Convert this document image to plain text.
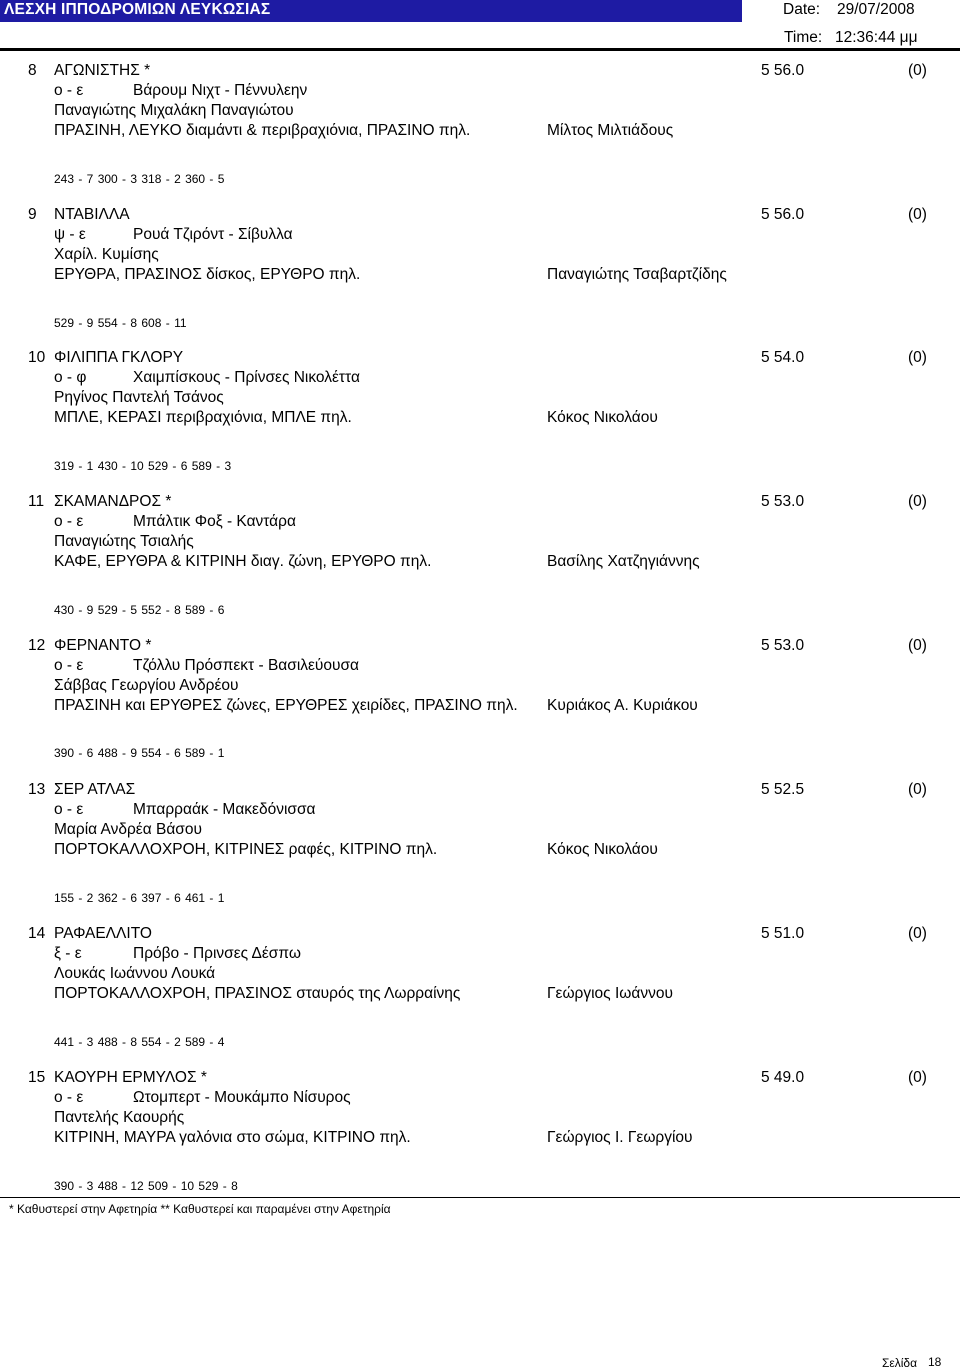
ΛΕΣΧΗ ΙΠΠΟΔΡΟΜΙΩΝ ΛΕΥΚΩΣΙΑΣ	Date: 29/07/2008
Time: 12:36:44 μμ
8 ΑΓΩΝΙΣΤΗΣ *
ο - ε	Βάρουμ Νιχτ - Πέννυλεην
Παναγιώτης Μιχαλάκη Παναγιώτου
ΠΡΑΣΙΝΗ, ΛΕΥΚΟ διαμάντι & περιβραχιόνια, ΠΡΑΣΙΝΟ πηλ.	Μίλτος Μιλτιάδους
5 56.0	(0)
243 - 7 300 - 3 318 - 2 360 - 5
9 ΝΤΑΒΙΛΛΑ
ψ - ε	Ρουά Τζιρόντ - Σίβυλλα
Χαρίλ. Κυμίσης
ΕΡΥΘΡΑ, ΠΡΑΣΙΝΟΣ δίσκος, ΕΡΥΘΡΟ πηλ.	Παναγιώτης Τσαβαρτζίδης
5 56.0	(0)
529 - 9 554 - 8 608 - 11
10 ΦΙΛΙΠΠΑ ΓΚΛΟΡΥ
ο - φ	Χαιμπίσκους - Πρίνσες Νικολέττα
Ρηγίνος Παντελή Τσάνος
ΜΠΛΕ, ΚΕΡΑΣΙ περιβραχιόνια, ΜΠΛΕ πηλ.	Κόκος Νικολάου
5 54.0	(0)
319 - 1 430 - 10 529 - 6 589 - 3
11 ΣΚΑΜΑΝΔΡΟΣ *
ο - ε	Μπάλτικ Φοξ - Καντάρα
Παναγιώτης Τσιαλής
ΚΑΦΕ, ΕΡΥΘΡΑ & ΚΙΤΡΙΝΗ διαγ. ζώνη, ΕΡΥΘΡΟ πηλ.	Βασίλης Χατζηγιάννης
5 53.0	(0)
430 - 9 529 - 5 552 - 8 589 - 6
12 ΦΕΡΝΑΝΤΟ *
ο - ε	Τζόλλυ Πρόσπεκτ - Βασιλεύουσα
Σάββας Γεωργίου Ανδρέου
ΠΡΑΣΙΝΗ και ΕΡΥΘΡΕΣ ζώνες, ΕΡΥΘΡΕΣ χειρίδες, ΠΡΑΣΙΝΟ πηλ.	Κυριάκος Α. Κυριάκου
5 53.0	(0)
390 - 6 488 - 9 554 - 6 589 - 1
13 ΣΕΡ ΑΤΛΑΣ
ο - ε	Μπαρραάκ - Μακεδόνισσα
Μαρία Ανδρέα Βάσου
ΠΟΡΤΟΚΑΛΛΟΧΡΟΗ, ΚΙΤΡΙΝΕΣ ραφές, ΚΙΤΡΙΝΟ πηλ.	Κόκος Νικολάου
5 52.5	(0)
155 - 2 362 - 6 397 - 6 461 - 1
14 ΡΑΦΑΕΛΛΙΤΟ
ξ - ε	Πρόβο - Πρινσες Δέσπω
Λουκάς Ιωάννου Λουκά
ΠΟΡΤΟΚΑΛΛΟΧΡΟΗ, ΠΡΑΣΙΝΟΣ σταυρός της Λωρραίνης	Γεώργιος Ιωάννου
5 51.0	(0)
441 - 3 488 - 8 554 - 2 589 - 4
15 ΚΑΟΥΡΗ ΕΡΜΥΛΟΣ *
ο - ε	Ωτομπερτ - Μουκάμπο Νίσυρος
Παντελής Καουρής
ΚΙΤΡΙΝΗ, ΜΑΥΡΑ γαλόνια στο σώμα, ΚΙΤΡΙΝΟ πηλ.	Γεώργιος Ι. Γεωργίου
5 49.0	(0)
390 - 3 488 - 12 509 - 10 529 - 8
* Καθυστερεί στην Αφετηρία ** Καθυστερεί και παραμένει στην Αφετηρία
Σελίδα 18
